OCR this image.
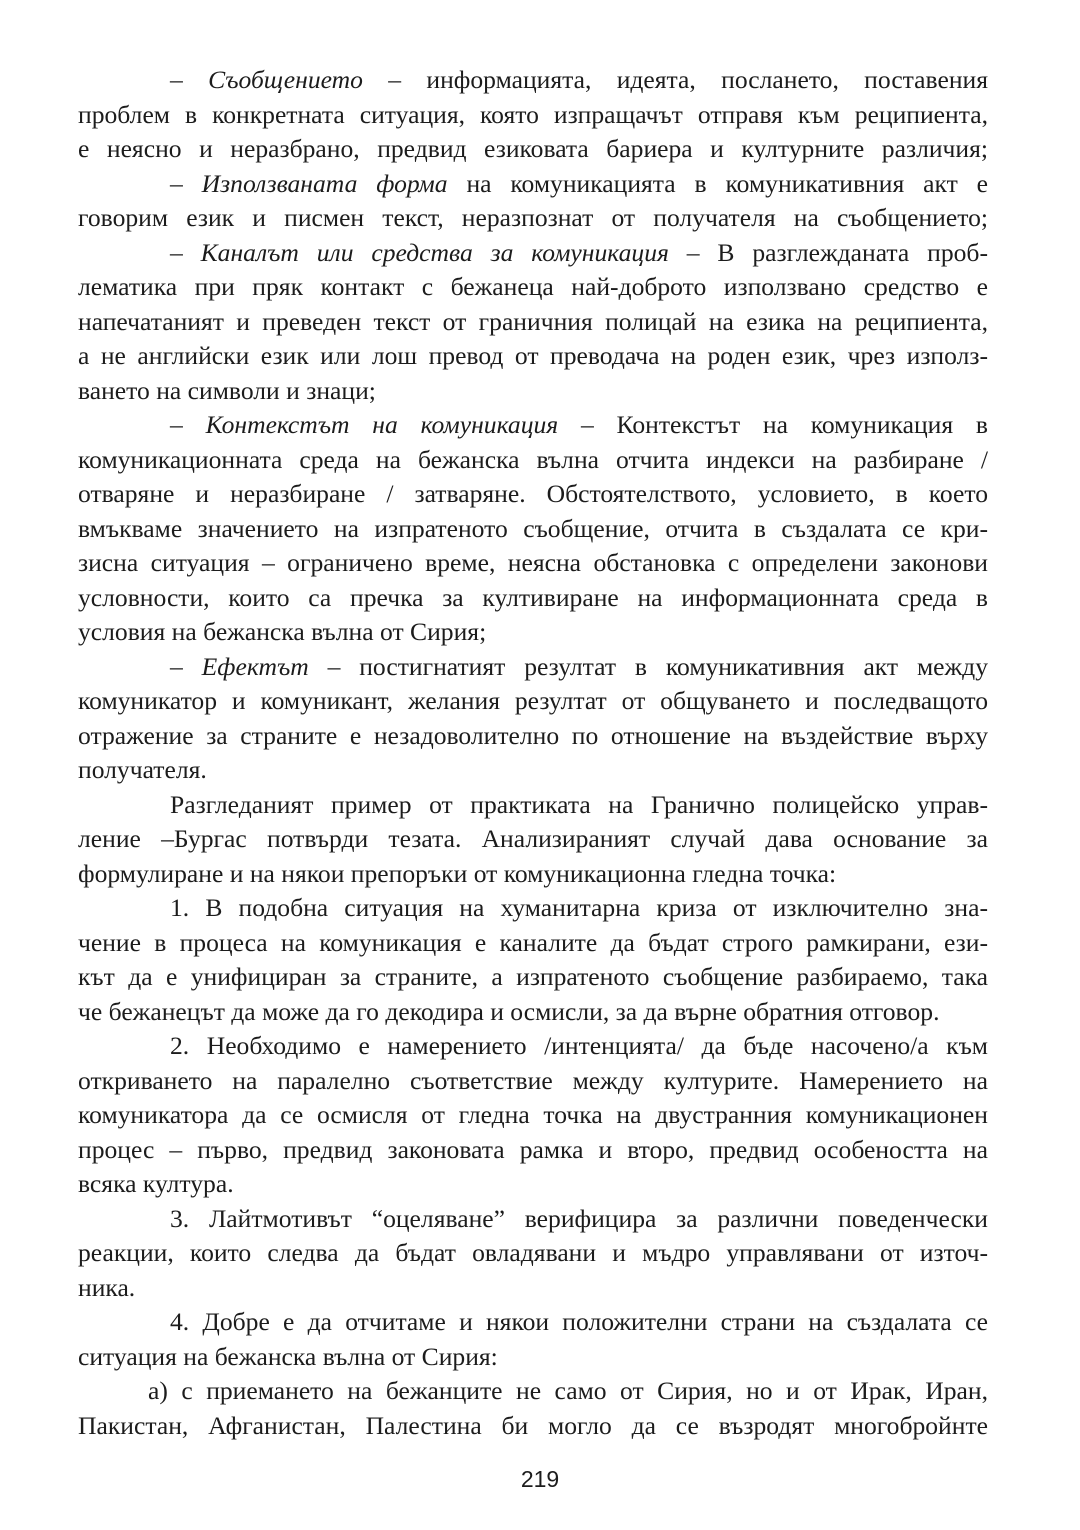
– Съобщението – информацията, идеята, послането, поставения
проблем в конкретната ситуация, която изпращачът отправя към реципиента,
е неясно и неразбрано, предвид езиковата бариера и културните различия;

– Използваната форма на комуникацията в комуникативния акт е
говорим език и писмен текст, неразпознат от получателя на съобщението;

– Каналът или средства за комуникация – В разглежданата проб-
лематика при пряк контакт с бежанеца най-доброто използвано средство е
напечатаният и преведен текст от граничния полицай на езика на реципиента,
а не английски език или лош превод от преводача на роден език, чрез използ-
ването на символи и знаци;

– Контекстът на комуникация – Контекстът на комуникация в
комуникационната среда на бежанска вълна отчита индекси на разбиране /
отваряне и неразбиране / затваряне. Обстоятелството, условието, в което
вмъкваме значението на изпратеното съобщение, отчита в създалата се кри-
зисна ситуация – ограничено време, неясна обстановка с определени законови
условности, които са пречка за култивиране на информационната среда в
условия на бежанска вълна от Сирия;

– Ефектът – постигнатият резултат в комуникативния акт между
комуникатор и комуникант, желания резултат от общуването и последващото
отражение за страните е незадоволително по отношение на въздействие върху
получателя.

Разгледаният пример от практиката на Гранично полицейско управ-
ление –Бургас потвърди тезата. Анализираният случай дава основание за
формулиране и на някои препоръки от комуникационна гледна точка:

1. В подобна ситуация на хуманитарна криза от изключително зна-
чение в процеса на комуникация е каналите да бъдат строго рамкирани, ези-
кът да е унифициран за страните, а изпратеното съобщение разбираемо, така
че бежанецът да може да го декодира и осмисли, за да върне обратния отговор.

2. Необходимо е намерението /интенцията/ да бъде насочено/а към
откриването на паралелно съответствие между културите. Намерението на
комуникатора да се осмисля от гледна точка на двустранния комуникационен
процес – първо, предвид законовата рамка и второ, предвид особеността на
всяка култура.

3. Лайтмотивът “оцеляване” верифицира за различни поведенчески
реакции, които следва да бъдат овладявани и мъдро управлявани от източ-
ника.

4. Добре е да отчитаме и някои положителни страни на създалата се
ситуация на бежанска вълна от Сирия:

а) с приемането на бежанците не само от Сирия, но и от Ирак, Иран,
Пакистан, Афганистан, Палестина би могло да се възродят многобройнте

219
